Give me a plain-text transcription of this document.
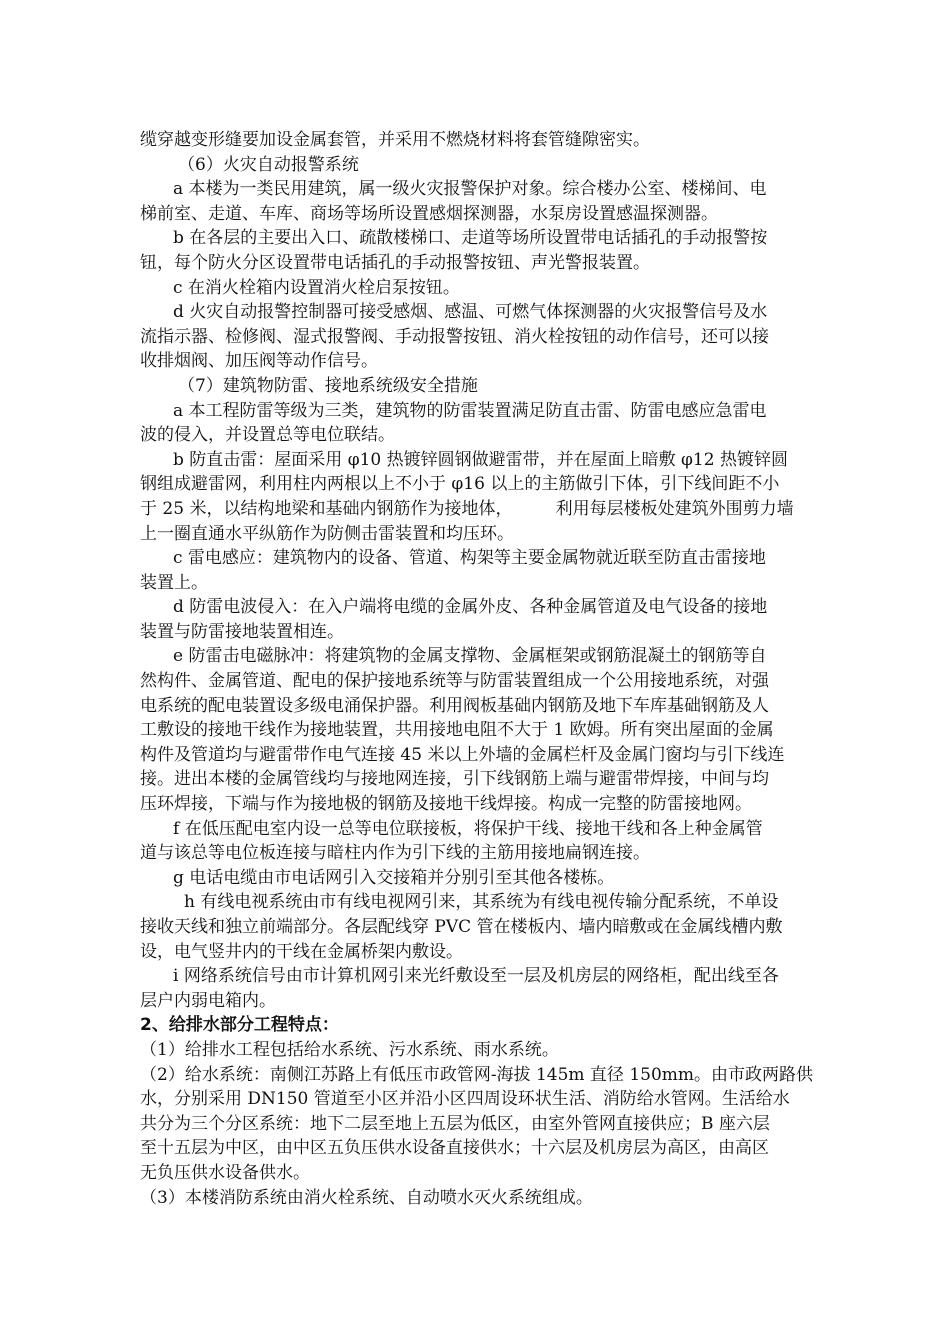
缆穿越变形缝要加设金属套管，并采用不燃烧材料将套管缝隙密实。

（6）火灾自动报警系统

a 本楼为一类民用建筑，属一级火灾报警保护对象。综合楼办公室、楼梯间、电

梯前室、走道、车库、商场等场所设置感烟探测器，水泵房设置感温探测器。

b 在各层的主要出入口、疏散楼梯口、走道等场所设置带电话插孔的手动报警按

钮，每个防火分区设置带电话插孔的手动报警按钮、声光警报装置。

c 在消火栓箱内设置消火栓启泵按钮。

d 火灾自动报警控制器可接受感烟、感温、可燃气体探测器的火灾报警信号及水

流指示器、检修阀、湿式报警阀、手动报警按钮、消火栓按钮的动作信号，还可以接

收排烟阀、加压阀等动作信号。

（7）建筑物防雷、接地系统级安全措施

a 本工程防雷等级为三类，建筑物的防雷装置满足防直击雷、防雷电感应急雷电

波的侵入，并设置总等电位联结。

b 防直击雷：屋面采用 φ10 热镀锌圆钢做避雷带，并在屋面上暗敷 φ12 热镀锌圆

钢组成避雷网，利用柱内两根以上不小于 φ16 以上的主筋做引下体，引下线间距不小

于 25 米，以结构地梁和基础内钢筋作为接地体，        利用每层楼板处建筑外围剪力墙

上一圈直通水平纵筋作为防侧击雷装置和均压环。

c 雷电感应：建筑物内的设备、管道、构架等主要金属物就近联至防直击雷接地

装置上。

d 防雷电波侵入：在入户端将电缆的金属外皮、各种金属管道及电气设备的接地

装置与防雷接地装置相连。

e 防雷击电磁脉冲：将建筑物的金属支撑物、金属框架或钢筋混凝土的钢筋等自

然构件、金属管道、配电的保护接地系统等与防雷装置组成一个公用接地系统，对强

电系统的配电装置设多级电涌保护器。利用阀板基础内钢筋及地下车库基础钢筋及人

工敷设的接地干线作为接地装置，共用接地电阻不大于 1 欧姆。所有突出屋面的金属

构件及管道均与避雷带作电气连接 45 米以上外墙的金属栏杆及金属门窗均与引下线连

接。进出本楼的金属管线均与接地网连接，引下线钢筋上端与避雷带焊接，中间与均

压环焊接，下端与作为接地极的钢筋及接地干线焊接。构成一完整的防雷接地网。

f 在低压配电室内设一总等电位联接板，将保护干线、接地干线和各上种金属管

道与该总等电位板连接与暗柱内作为引下线的主筋用接地扁钢连接。

g 电话电缆由市电话网引入交接箱并分别引至其他各楼栋。

h 有线电视系统由市有线电视网引来，其系统为有线电视传输分配系统，不单设

接收天线和独立前端部分。各层配线穿 PVC 管在楼板内、墙内暗敷或在金属线槽内敷

设，电气竖井内的干线在金属桥架内敷设。

i 网络系统信号由市计算机网引来光纤敷设至一层及机房层的网络柜，配出线至各

层户内弱电箱内。

2、给排水部分工程特点：

（1）给排水工程包括给水系统、污水系统、雨水系统。

（2）给水系统：南侧江苏路上有低压市政管网-海拔 145m 直径 150mm。由市政两路供

水，分别采用 DN150 管道至小区并沿小区四周设环状生活、消防给水管网。生活给水

共分为三个分区系统：地下二层至地上五层为低区，由室外管网直接供应；B 座六层

至十五层为中区，由中区五负压供水设备直接供水；十六层及机房层为高区，由高区

无负压供水设备供水。

（3）本楼消防系统由消火栓系统、自动喷水灭火系统组成。
